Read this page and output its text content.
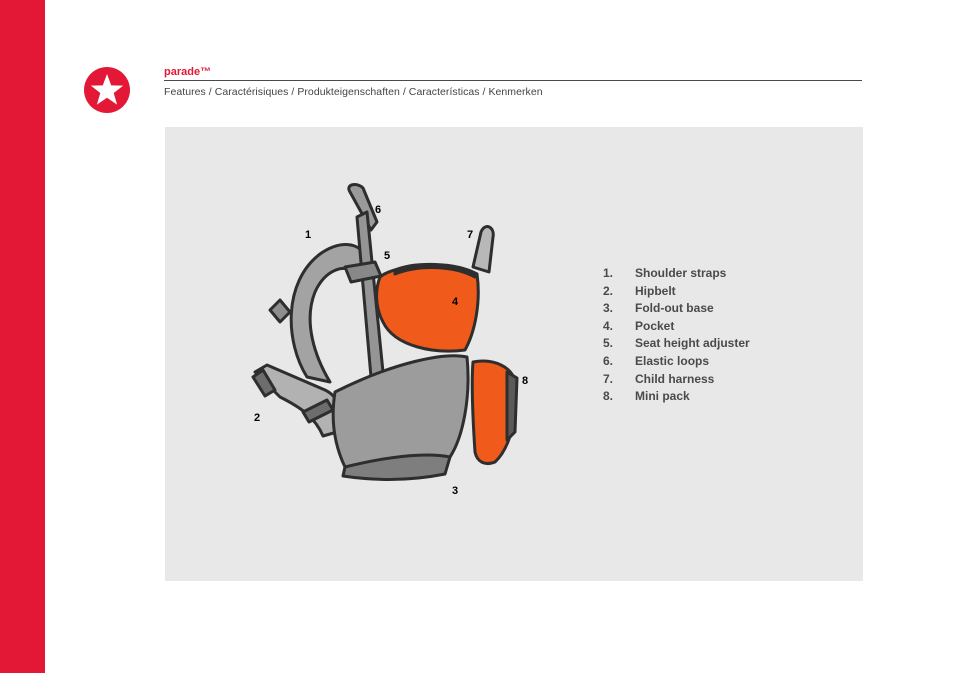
parade™
Features / Caractérisiques / Produkteigenschaften / Características / Kenmerken
1
2
3
4
5
6
7
8
1.	Shoulder straps
2.	Hipbelt
3.	Fold-out base
4.	Pocket
5.	Seat height adjuster
6.	Elastic loops
7.	Child harness
8.	Mini pack
